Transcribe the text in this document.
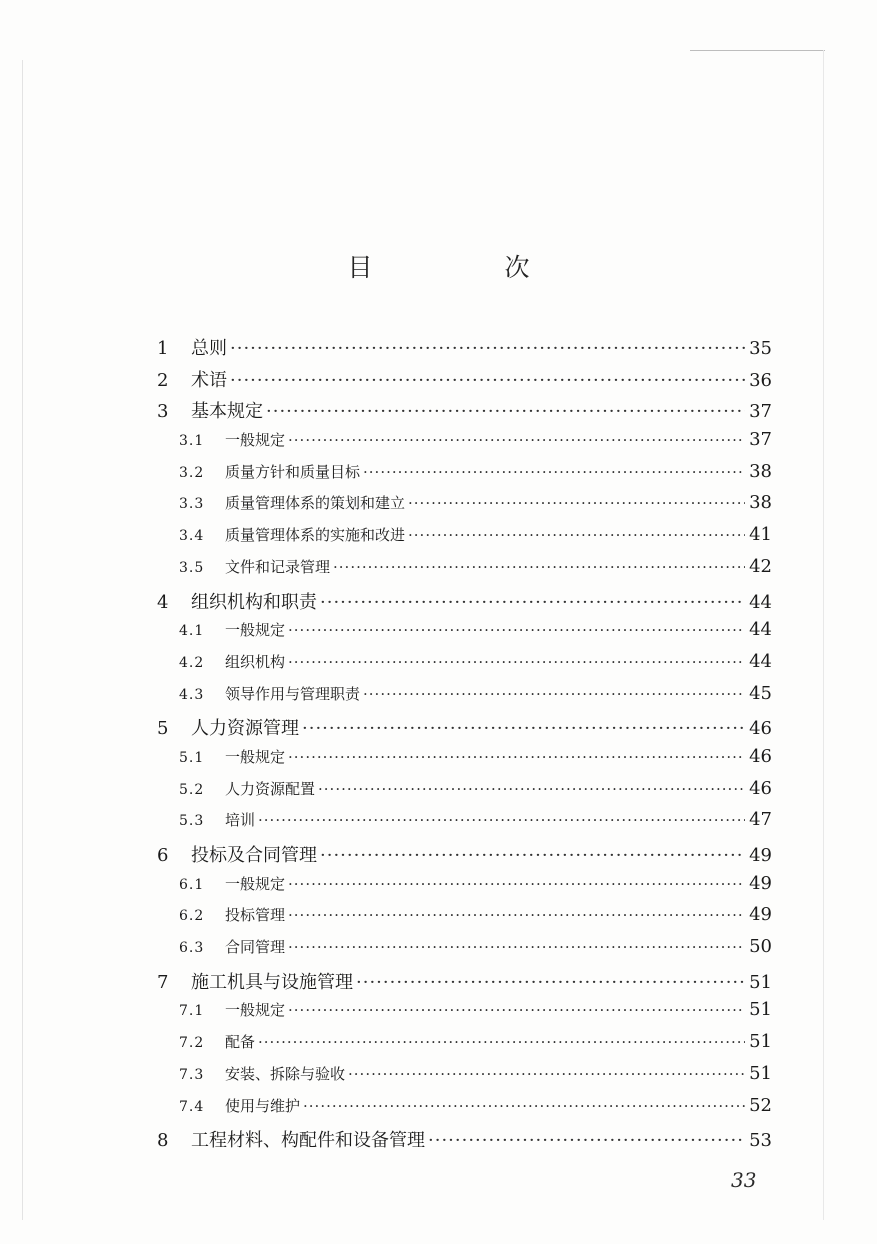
目 次
1	总则 ·····	35
2	术语 ·····	36
3	基本规定 ·····	37
3.1	一般规定 ·····	37
3.2	质量方针和质量目标 ·····	38
3.3	质量管理体系的策划和建立 ·····	38
3.4	质量管理体系的实施和改进 ·····	41
3.5	文件和记录管理 ·····	42
4	组织机构和职责 ·····	44
4.1	一般规定 ·····	44
4.2	组织机构 ·····	44
4.3	领导作用与管理职责 ·····	45
5	人力资源管理 ·····	46
5.1	一般规定 ·····	46
5.2	人力资源配置 ·····	46
5.3	培训 ·····	47
6	投标及合同管理 ·····	49
6.1	一般规定 ·····	49
6.2	投标管理 ·····	49
6.3	合同管理 ·····	50
7	施工机具与设施管理 ·····	51
7.1	一般规定 ·····	51
7.2	配备 ·····	51
7.3	安装、拆除与验收 ·····	51
7.4	使用与维护 ·····	52
8	工程材料、构配件和设备管理 ·····	53
33
